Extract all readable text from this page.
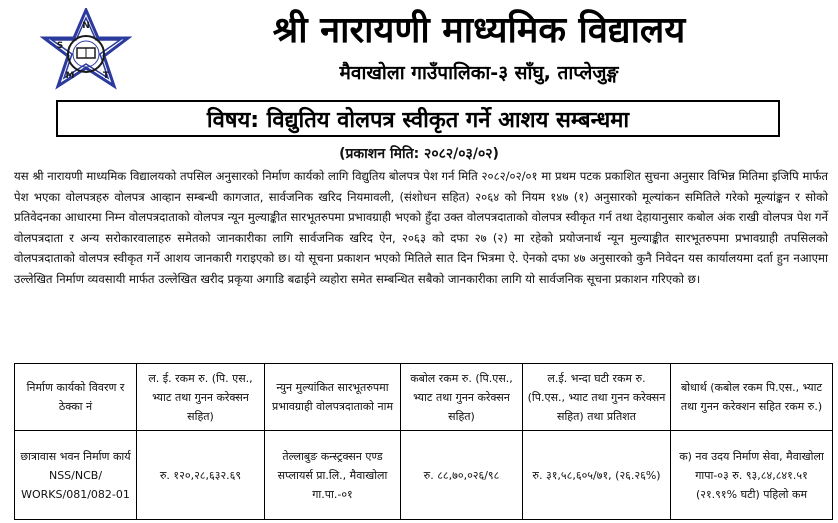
N
S
M	T
श्री नारायणी माध्यमिक विद्यालय
मैवाखोला गाउँपालिका-३ साँघु, ताप्लेजुङ्ग
विषय: विद्युतिय वोलपत्र स्वीकृत गर्ने आशय सम्बन्धमा
(प्रकाशन मिति: २०८२/०३/०२)

यस श्री नारायणी माध्यमिक विद्यालयको तपसिल अनुसारको निर्माण कार्यको लागि विद्युतिय बोलपत्र पेश गर्न मिति २०८२/०२/०१ मा प्रथम पटक प्रकाशित सुचना अनुसार विभिन्न मितिमा इजिपि मार्फत पेश भएका वोलपत्रहरु वोलपत्र आव्हान सम्बन्धी कागजात, सार्वजनिक खरिद नियमावली, (संशोधन सहित) २०६४ को नियम १४७ (१) अनुसारको मूल्यांकन समितिले गरेको मूल्यांङ्कन र सोको प्रतिवेदनका आधारमा निम्न वोलपत्रदाताको वोलपत्र न्यून मुल्याङ्कीत सारभूतरुपमा प्रभावग्राही भएको हुँदा उक्त वोलपत्रदाताको वोलपत्र स्वीकृत गर्न तथा देहायानुसार कबोल अंक राखी वोलपत्र पेश गर्ने वोलपत्रदाता र अन्य सरोकारवालाहरु समेतको जानकारीका लागि सार्वजनिक खरिद ऐन, २०६३ को दफा २७ (२) मा रहेको प्रयोजनार्थ न्यून मुल्याङ्कीत सारभूतरुपमा प्रभावग्राही तपसिलको वोलपत्रदाताको वोलपत्र स्वीकृत गर्ने आशय जानकारी गराइएको छ। यो सूचना प्रकाशन भएको मितिले सात दिन भित्रमा ऐ. ऐनको दफा ४७ अनुसारको कुनै निवेदन यस कार्यालयमा दर्ता हुन नआएमा उल्लेखित निर्माण व्यवसायी मार्फत उल्लेखित खरीद प्रकृया अगाडि बढाईने व्यहोरा समेत सम्बन्धित सबैको जानकारीका लागि यो सार्वजनिक सूचना प्रकाशन गरिएको छ।

निर्माण कार्यको विवरण र ठेक्का नं	ल. ई. रकम रु. (पि. एस., भ्याट तथा गुनन करेक्सन सहित)	न्युन मुल्यांकित सारभूतरुपमा प्रभावग्राही वोलपत्रदाताको नाम	कबोल रकम रु. (पि.एस., भ्याट तथा गुनन करेक्सन सहित)	ल.ई. भन्दा घटी रकम रु. (पि.एस., भ्याट तथा गुनन करेक्सन सहित) तथा प्रतिशत	बोधार्थ (कबोल रकम पि.एस., भ्याट तथा गुनन करेक्शन सहित रकम रु.)
छात्रावास भवन निर्माण कार्य NSS/NCB/ WORKS/081/082-01	रु. १२०,२८,६३२.६९	तेल्लाबुङ कन्स्ट्रक्सन एण्ड सप्लायर्स प्रा.लि., मैवाखोला गा.पा.-०१	रु. ८८,७०,०२६/९८	रु. ३१,५८,६०५/७१, (२६.२६%)	क) नव उदय निर्माण सेवा, मैवाखोला गापा-०३ रु. ९३,८४,८४१.५१ (२१.९१% घटी) पहिलो कम
